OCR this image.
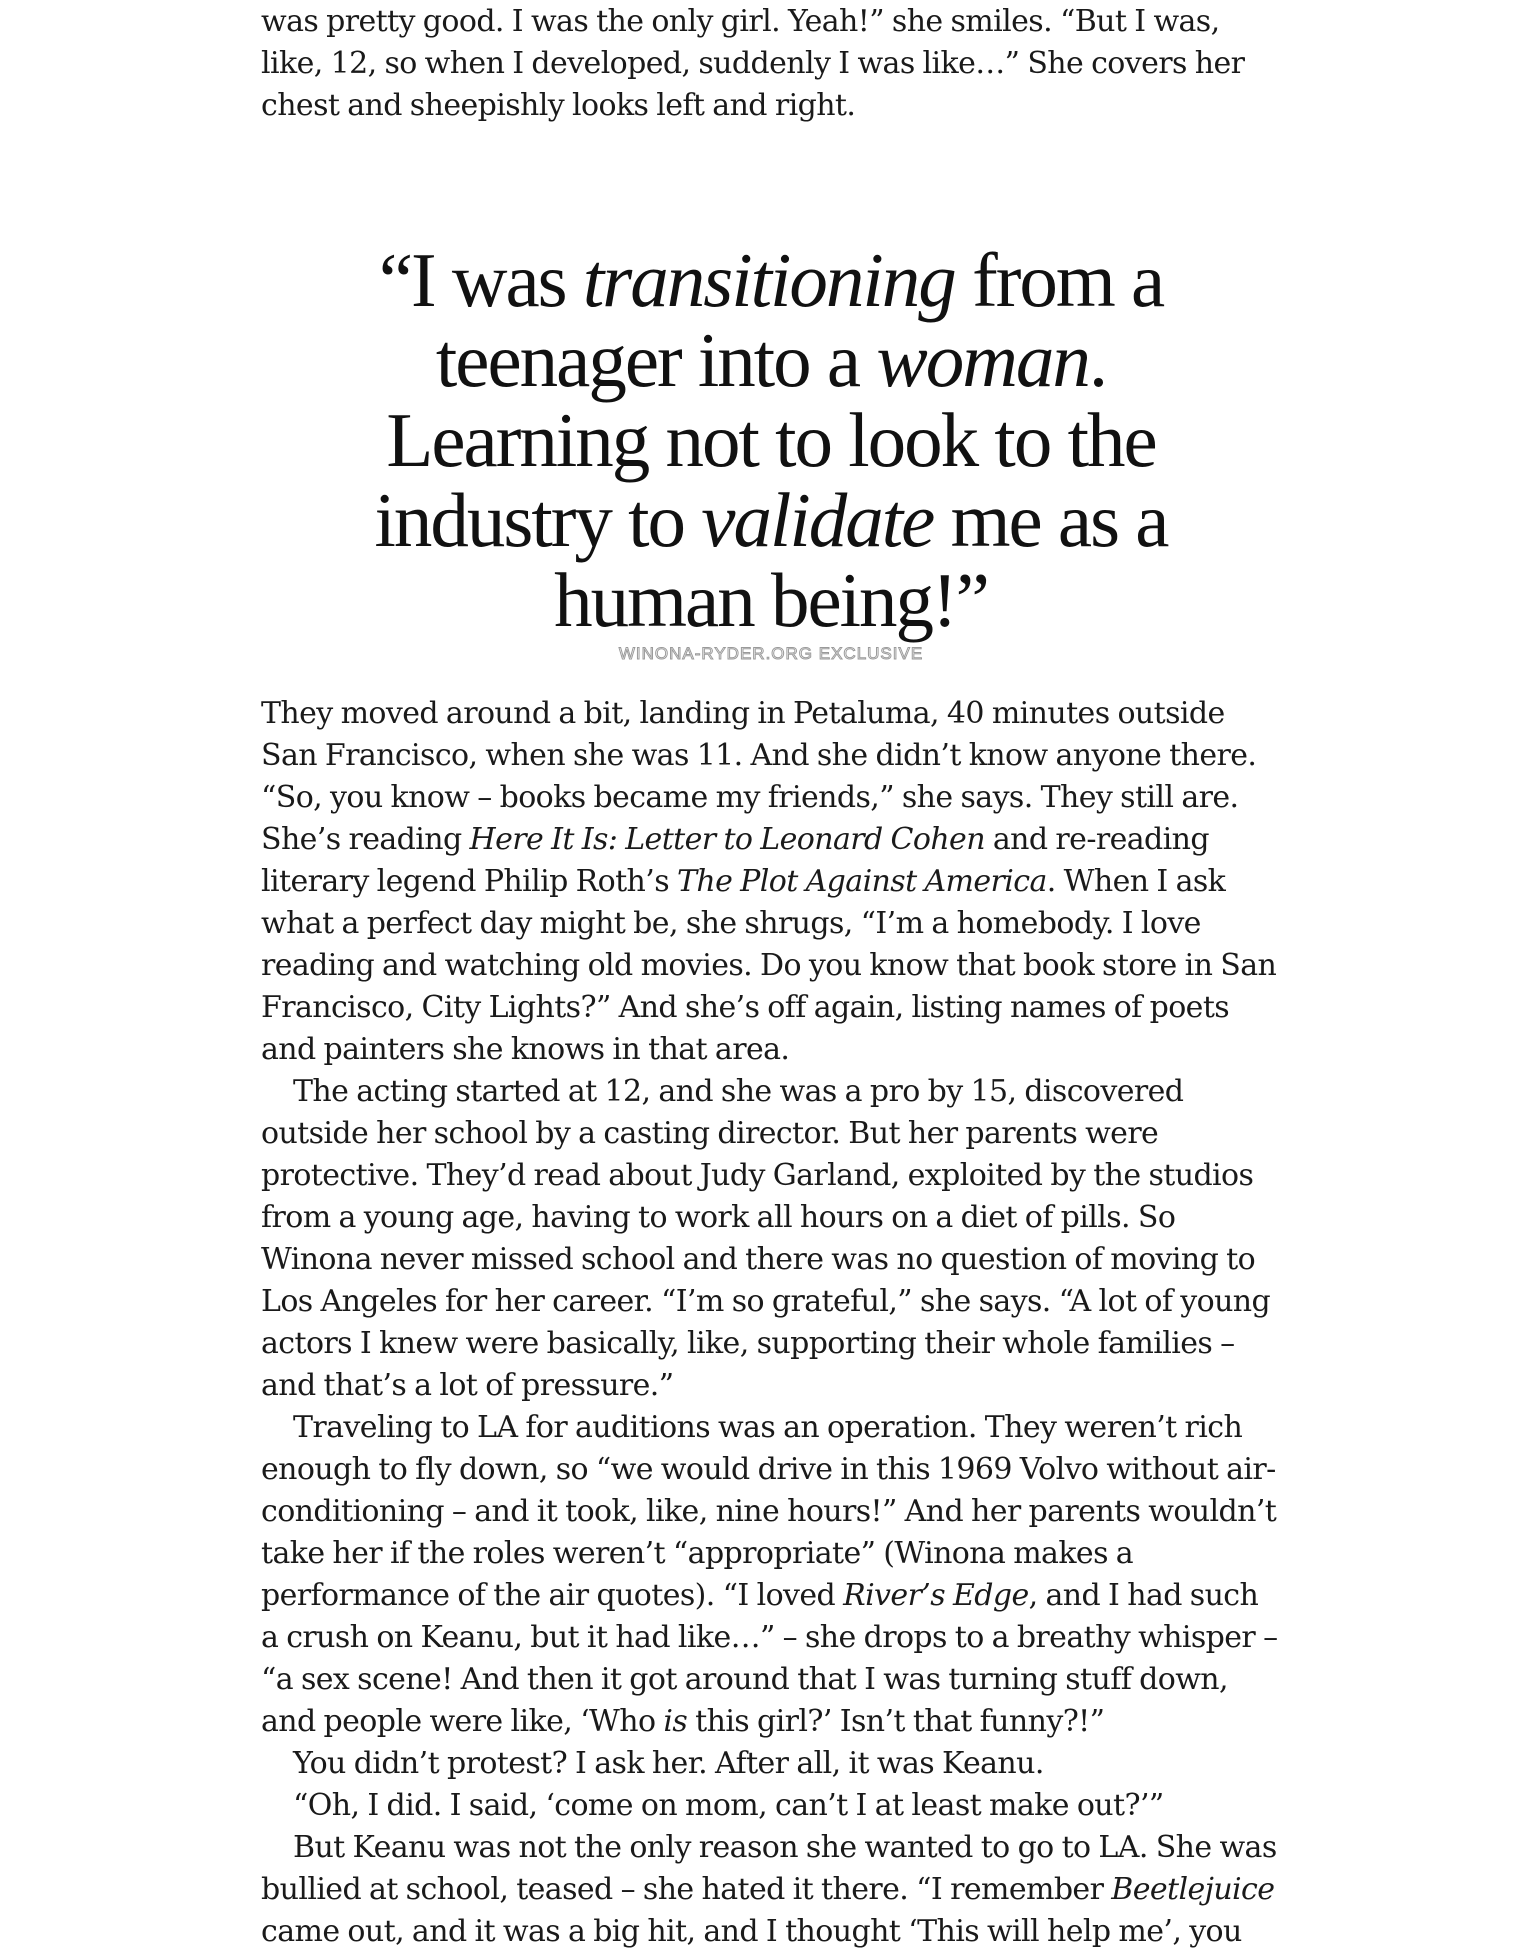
was pretty good. I was the only girl. Yeah!” she smiles. “But I was, like, 12, so when I developed, suddenly I was like…” She covers her chest and sheepishly looks left and right.

“I was transitioning from a teenager into a woman. Learning not to look to the industry to validate me as a human being!”

WINONA-RYDER.ORG EXCLUSIVE

They moved around a bit, landing in Petaluma, 40 minutes outside San Francisco, when she was 11. And she didn’t know anyone there. “So, you know – books became my friends,” she says. They still are. She’s reading Here It Is: Letter to Leonard Cohen and re-reading literary legend Philip Roth’s The Plot Against America. When I ask what a perfect day might be, she shrugs, “I’m a homebody. I love reading and watching old movies. Do you know that book store in San Francisco, City Lights?” And she’s off again, listing names of poets and painters she knows in that area.

The acting started at 12, and she was a pro by 15, discovered outside her school by a casting director. But her parents were protective. They’d read about Judy Garland, exploited by the studios from a young age, having to work all hours on a diet of pills. So Winona never missed school and there was no question of moving to Los Angeles for her career. “I’m so grateful,” she says. “A lot of young actors I knew were basically, like, supporting their whole families – and that’s a lot of pressure.”

Traveling to LA for auditions was an operation. They weren’t rich enough to fly down, so “we would drive in this 1969 Volvo without air-conditioning – and it took, like, nine hours!” And her parents wouldn’t take her if the roles weren’t “appropriate” (Winona makes a performance of the air quotes). “I loved River’s Edge, and I had such a crush on Keanu, but it had like…” – she drops to a breathy whisper – “a sex scene! And then it got around that I was turning stuff down, and people were like, ‘Who is this girl?’ Isn’t that funny?!”

You didn’t protest? I ask her. After all, it was Keanu.

“Oh, I did. I said, ‘come on mom, can’t I at least make out?’”

But Keanu was not the only reason she wanted to go to LA. She was bullied at school, teased – she hated it there. “I remember Beetlejuice came out, and it was a big hit, and I thought ‘This will help me’, you
